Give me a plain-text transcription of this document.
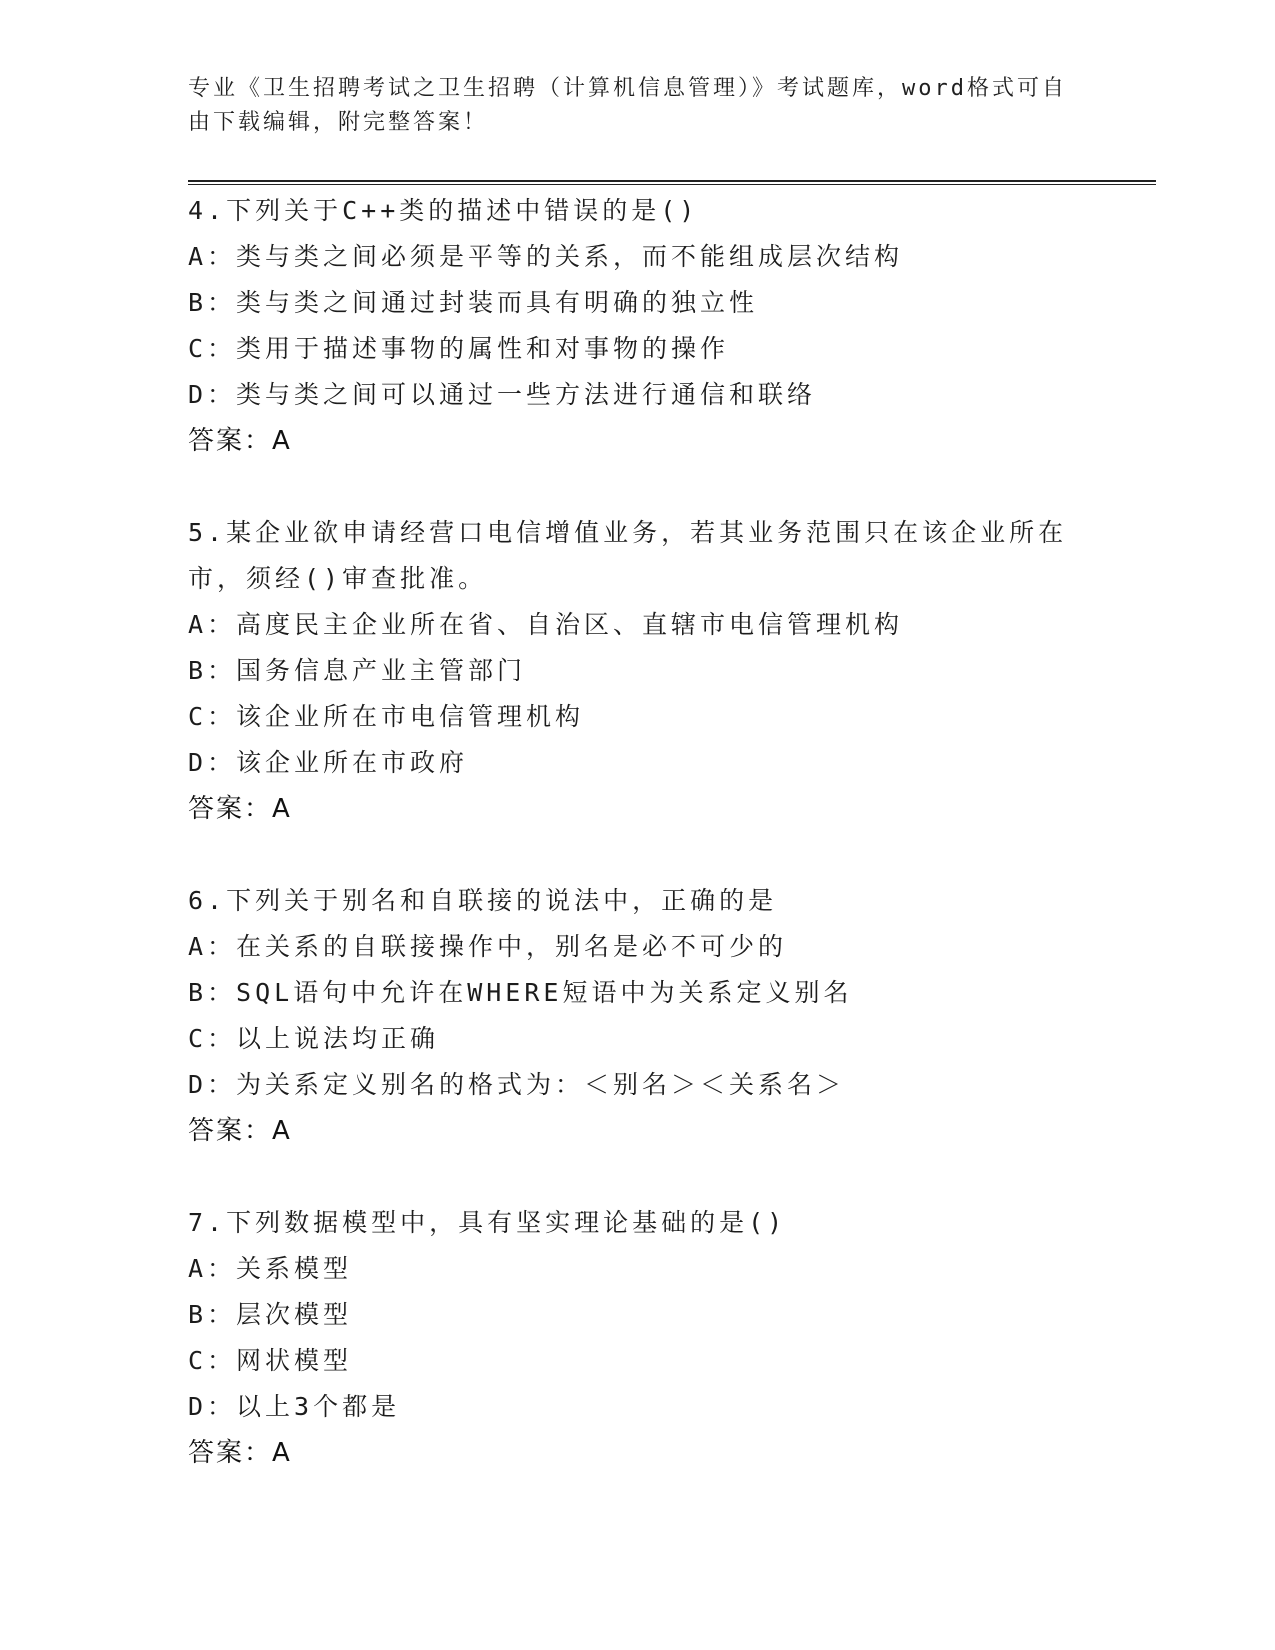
专业《卫生招聘考试之卫生招聘（计算机信息管理）》考试题库，word格式可自由下载编辑，附完整答案！
4.下列关于C++类的描述中错误的是()
A：类与类之间必须是平等的关系，而不能组成层次结构
B：类与类之间通过封装而具有明确的独立性
C：类用于描述事物的属性和对事物的操作
D：类与类之间可以通过一些方法进行通信和联络
答案：A
5.某企业欲申请经营口电信增值业务，若其业务范围只在该企业所在市，须经()审查批准。
A：高度民主企业所在省、自治区、直辖市电信管理机构
B：国务信息产业主管部门
C：该企业所在市电信管理机构
D：该企业所在市政府
答案：A
6.下列关于别名和自联接的说法中，正确的是
A：在关系的自联接操作中，别名是必不可少的
B：SQL语句中允许在WHERE短语中为关系定义别名
C：以上说法均正确
D：为关系定义别名的格式为：＜别名＞＜关系名＞
答案：A
7.下列数据模型中，具有坚实理论基础的是()
A：关系模型
B：层次模型
C：网状模型
D：以上3个都是
答案：A
